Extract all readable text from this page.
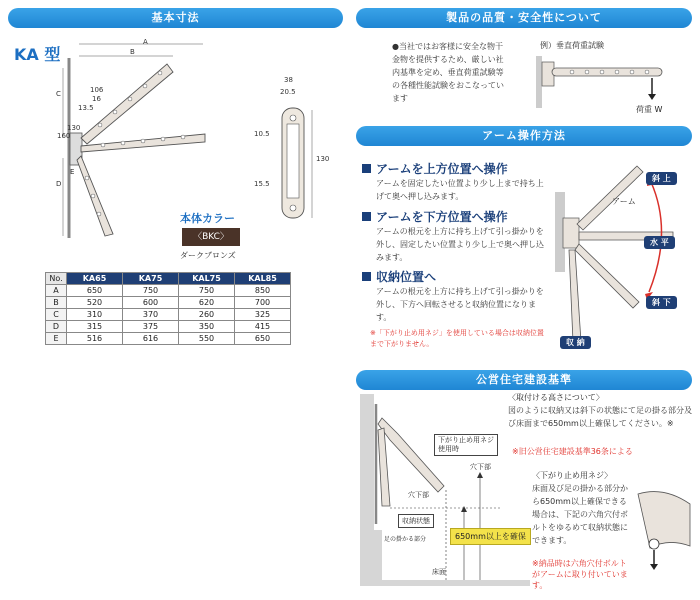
基本寸法
KA 型
A
B
C
D
E
106
16
160
130
13.5
38
20.5
10.5
15.5
130
本体カラー
〈BKC〉
ダークブロンズ
No.	KA65	KA75	KAL75	KAL85
A	650	750	750	850
B	520	600	620	700
C	310	370	260	325
D	315	375	350	415
E	516	616	550	650
製品の品質・安全性について
●当社ではお客様に安全な物干金物を提供するため、厳しい社内基準を定め、垂直荷重試験等の各種性能試験をおこなっています
例）垂直荷重試験
荷重 W
アーム操作方法
アームを上方位置へ操作
アームを固定したい位置より少し上まで持ち上げて奥へ押し込みます。
アームを下方位置へ操作
アームの根元を上方に持ち上げて引っ掛かりを外し、固定したい位置より少し上で奥へ押し込みます。
収納位置へ
アームの根元を上方に持ち上げて引っ掛かりを外し、下方へ回転させると収納位置になります。
※「下がり止め用ネジ」を使用している場合は収納位置まで下がりません。
アーム
斜 上
水 平
斜 下
収 納
公営住宅建設基準
下がり止め用ネジ使用時
穴下部
穴下部
収納状態
650mm以上を確保
足の掛かる部分
床面
〈取付ける高さについて〉
図のように収納又は斜下の状態にて足の掛る部分及び床面まで650mm以上確保してください。※
※旧公営住宅建設基準36条による
〈下がり止め用ネジ〉
床面及び足の掛かる部分から650mm以上確保できる場合は、下記の六角穴付ボルトをゆるめて収納状態にできます。
※納品時は六角穴付ボルトがアームに取り付いています。
